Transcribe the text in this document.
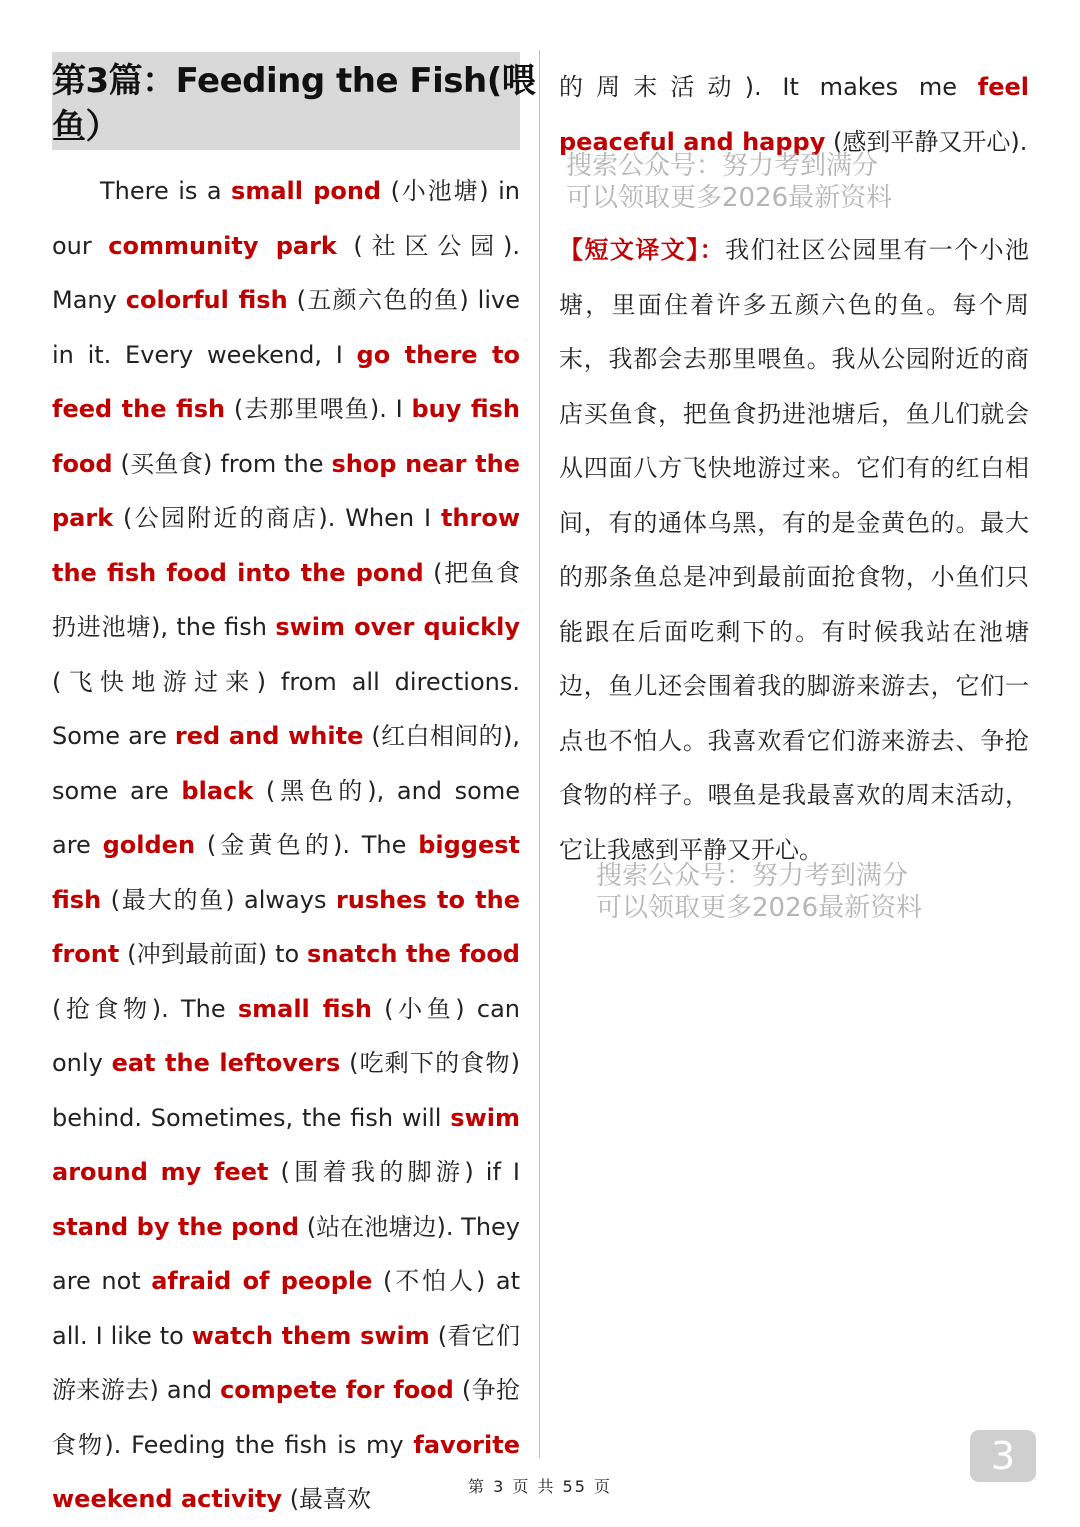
第3篇：Feeding the Fish(喂
鱼）

There is a small pond (小池塘) in our community park (社区公园). Many colorful fish (五颜六色的鱼) live in it. Every weekend, I go there to feed the fish (去那里喂鱼). I buy fish food (买鱼食) from the shop near the park (公园附近的商店). When I throw the fish food into the pond (把鱼食扔进池塘), the fish swim over quickly (飞快地游过来) from all directions. Some are red and white (红白相间的), some are black (黑色的), and some are golden (金黄色的). The biggest fish (最大的鱼) always rushes to the front (冲到最前面) to snatch the food (抢食物). The small fish (小鱼) can only eat the leftovers (吃剩下的食物) behind. Sometimes, the fish will swim around my feet (围着我的脚游) if I stand by the pond (站在池塘边). They are not afraid of people (不怕人) at all. I like to watch them swim (看它们游来游去) and compete for food (争抢食物). Feeding the fish is my favorite weekend activity (最喜欢

的周末活动). It makes me feel peaceful and happy (感到平静又开心).

【短文译文】：我们社区公园里有一个小池塘，里面住着许多五颜六色的鱼。每个周末，我都会去那里喂鱼。我从公园附近的商店买鱼食，把鱼食扔进池塘后，鱼儿们就会从四面八方飞快地游过来。它们有的红白相间，有的通体乌黑，有的是金黄色的。最大的那条鱼总是冲到最前面抢食物，小鱼们只能跟在后面吃剩下的。有时候我站在池塘边，鱼儿还会围着我的脚游来游去，它们一点也不怕人。我喜欢看它们游来游去、争抢食物的样子。喂鱼是我最喜欢的周末活动，它让我感到平静又开心。

搜索公众号：努力考到满分
可以领取更多2026最新资料
搜索公众号：努力考到满分
可以领取更多2026最新资料
第 3 页 共 55 页
3
